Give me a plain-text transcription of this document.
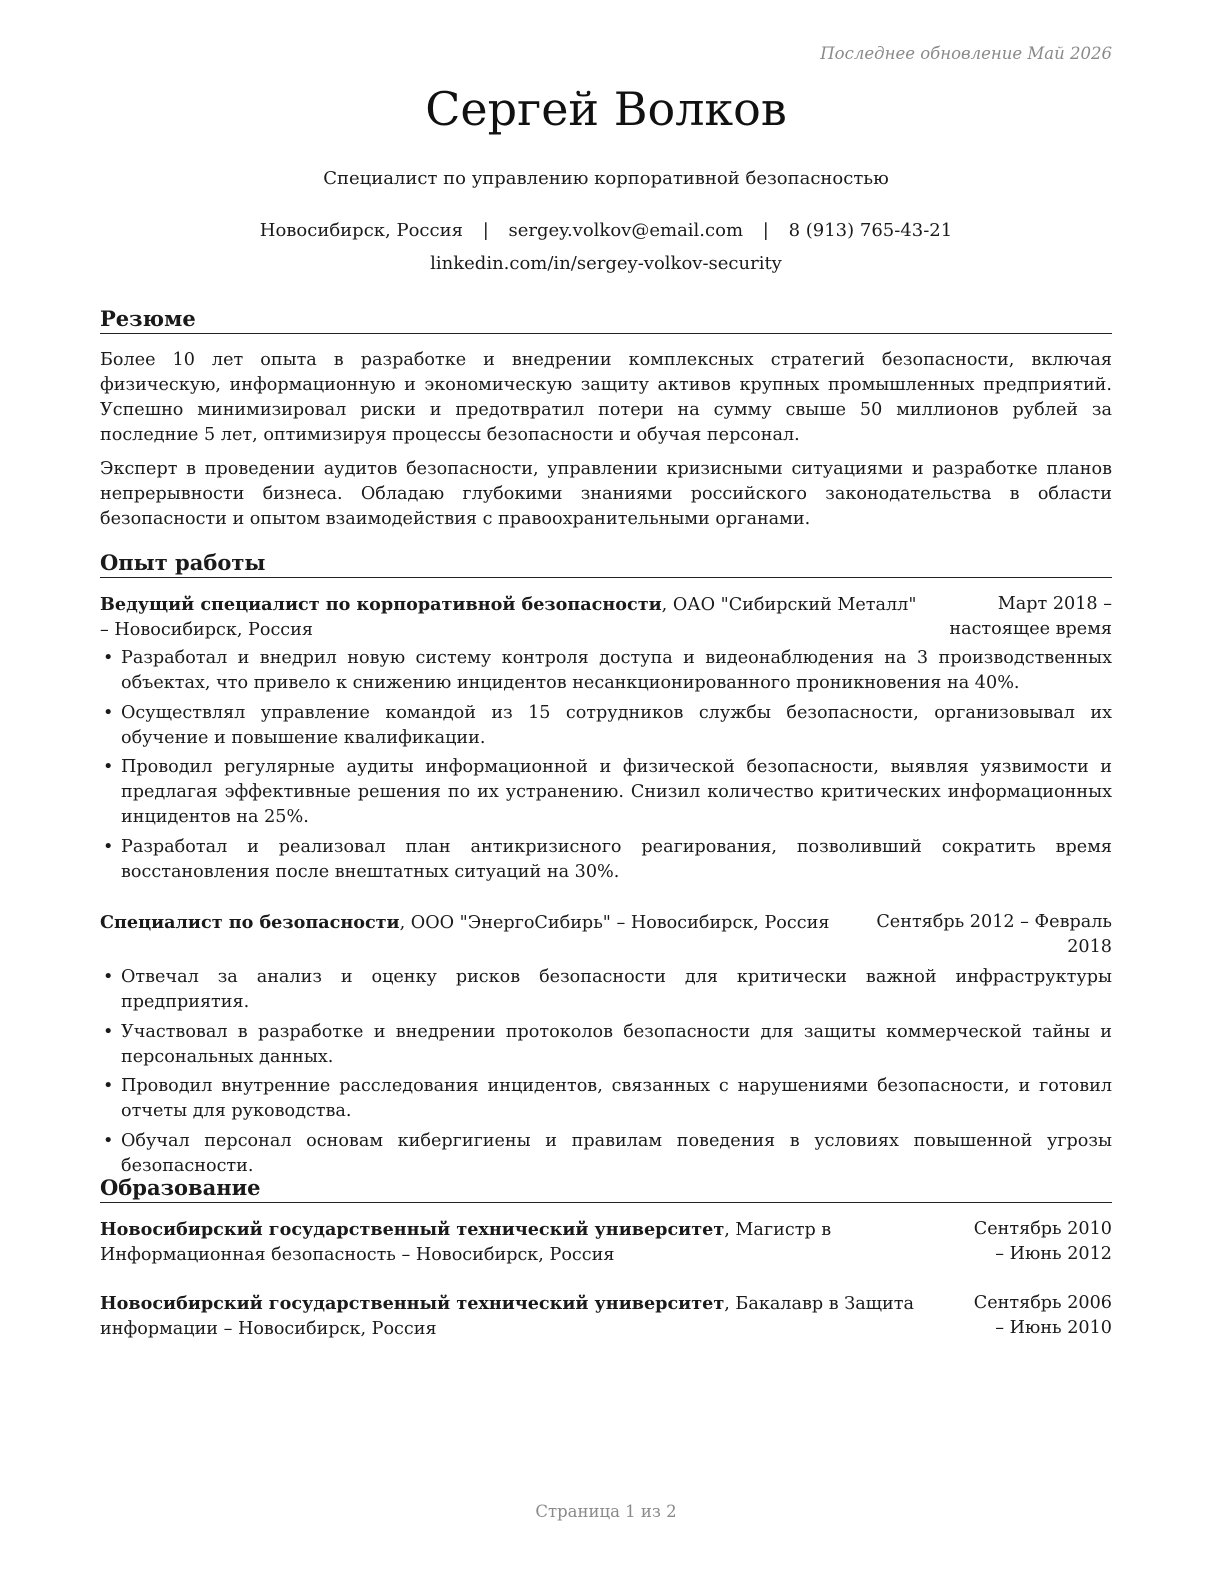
Последнее обновление Май 2026
Сергей Волков
Специалист по управлению корпоративной безопасностью
Новосибирск, Россия | sergey.volkov@email.com | 8 (913) 765-43-21
linkedin.com/in/sergey-volkov-security
Резюме
Более 10 лет опыта в разработке и внедрении комплексных стратегий безопасности, включая физическую, информационную и экономическую защиту активов крупных промышленных предприятий. Успешно минимизировал риски и предотвратил потери на сумму свыше 50 миллионов рублей за последние 5 лет, оптимизируя процессы безопасности и обучая персонал.
Эксперт в проведении аудитов безопасности, управлении кризисными ситуациями и разработке планов непрерывности бизнеса. Обладаю глубокими знаниями российского законодательства в области безопасности и опытом взаимодействия с правоохранительными органами.
Опыт работы
Ведущий специалист по корпоративной безопасности, ОАО "Сибирский Металл" – Новосибирск, Россия
Март 2018 – настоящее время
• Разработал и внедрил новую систему контроля доступа и видеонаблюдения на 3 производственных объектах, что привело к снижению инцидентов несанкционированного проникновения на 40%.
• Осуществлял управление командой из 15 сотрудников службы безопасности, организовывал их обучение и повышение квалификации.
• Проводил регулярные аудиты информационной и физической безопасности, выявляя уязвимости и предлагая эффективные решения по их устранению. Снизил количество критических информационных инцидентов на 25%.
• Разработал и реализовал план антикризисного реагирования, позволивший сократить время восстановления после внештатных ситуаций на 30%.
Специалист по безопасности, ООО "ЭнергоСибирь" – Новосибирск, Россия	Сентябрь 2012 – Февраль 2018
• Отвечал за анализ и оценку рисков безопасности для критически важной инфраструктуры предприятия.
• Участвовал в разработке и внедрении протоколов безопасности для защиты коммерческой тайны и персональных данных.
• Проводил внутренние расследования инцидентов, связанных с нарушениями безопасности, и готовил отчеты для руководства.
• Обучал персонал основам кибергигиены и правилам поведения в условиях повышенной угрозы безопасности.
Образование
Новосибирский государственный технический университет, Магистр в Информационная безопасность – Новосибирск, Россия
Сентябрь 2010 – Июнь 2012
Новосибирский государственный технический университет, Бакалавр в Защита информации – Новосибирск, Россия
Сентябрь 2006 – Июнь 2010
Страница 1 из 2
